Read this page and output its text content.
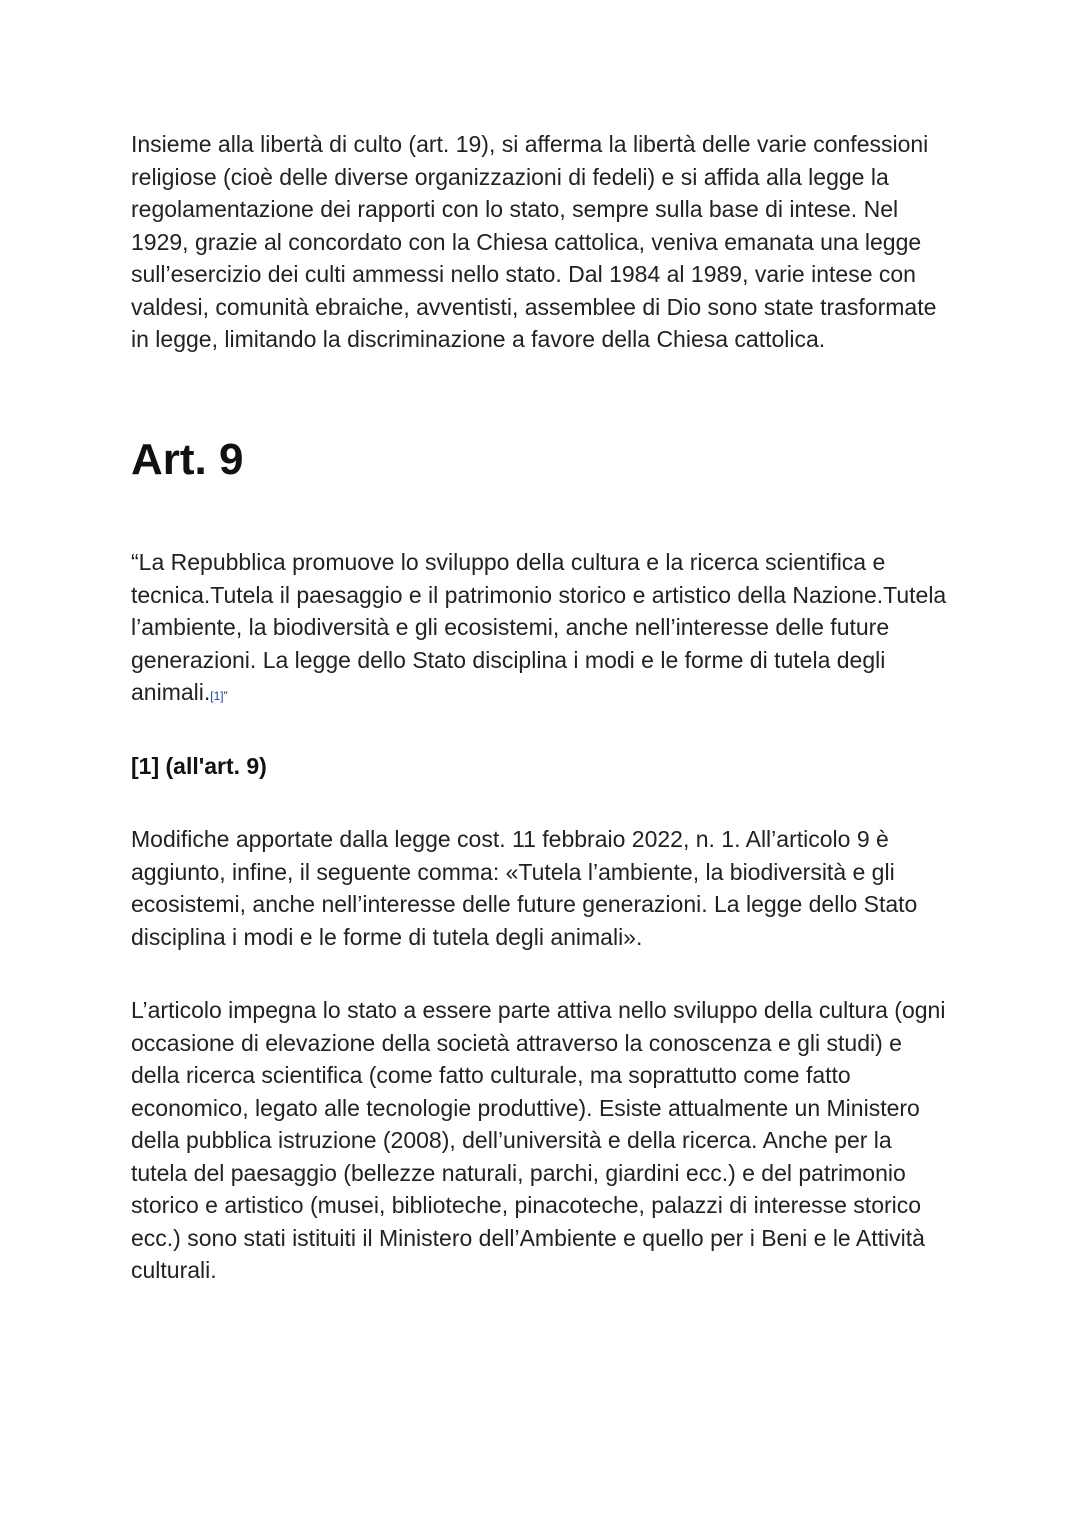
Insieme alla libertà di culto (art. 19), si afferma la libertà delle varie confessioni religiose (cioè delle diverse organizzazioni di fedeli) e si affida alla legge la regolamentazione dei rapporti con lo stato, sempre sulla base di intese. Nel 1929, grazie al concordato con la Chiesa cattolica, veniva emanata una legge sull’esercizio dei culti ammessi nello stato. Dal 1984 al 1989, varie intese con valdesi, comunità ebraiche, avventisti, assemblee di Dio sono state trasformate in legge, limitando la discriminazione a favore della Chiesa cattolica.

Art. 9

“La Repubblica promuove lo sviluppo della cultura e la ricerca scientifica e tecnica.Tutela il paesaggio e il patrimonio storico e artistico della Nazione.Tutela l’ambiente, la biodiversità e gli ecosistemi, anche nell’interesse delle future generazioni. La legge dello Stato disciplina i modi e le forme di tutela degli animali.[1]”

[1] (all'art. 9)

Modifiche apportate dalla legge cost. 11 febbraio 2022, n. 1. All’articolo 9 è aggiunto, infine, il seguente comma: «Tutela l’ambiente, la biodiversità e gli ecosistemi, anche nell’interesse delle future generazioni. La legge dello Stato disciplina i modi e le forme di tutela degli animali».

L’articolo impegna lo stato a essere parte attiva nello sviluppo della cultura (ogni occasione di elevazione della società attraverso la conoscenza e gli studi) e della ricerca scientifica (come fatto culturale, ma soprattutto come fatto economico, legato alle tecnologie produttive). Esiste attualmente un Ministero della pubblica istruzione (2008), dell’università e della ricerca. Anche per la tutela del paesaggio (bellezze naturali, parchi, giardini ecc.) e del patrimonio storico e artistico (musei, biblioteche, pinacoteche, palazzi di interesse storico ecc.) sono stati istituiti il Ministero dell’Ambiente e quello per i Beni e le Attività culturali.
